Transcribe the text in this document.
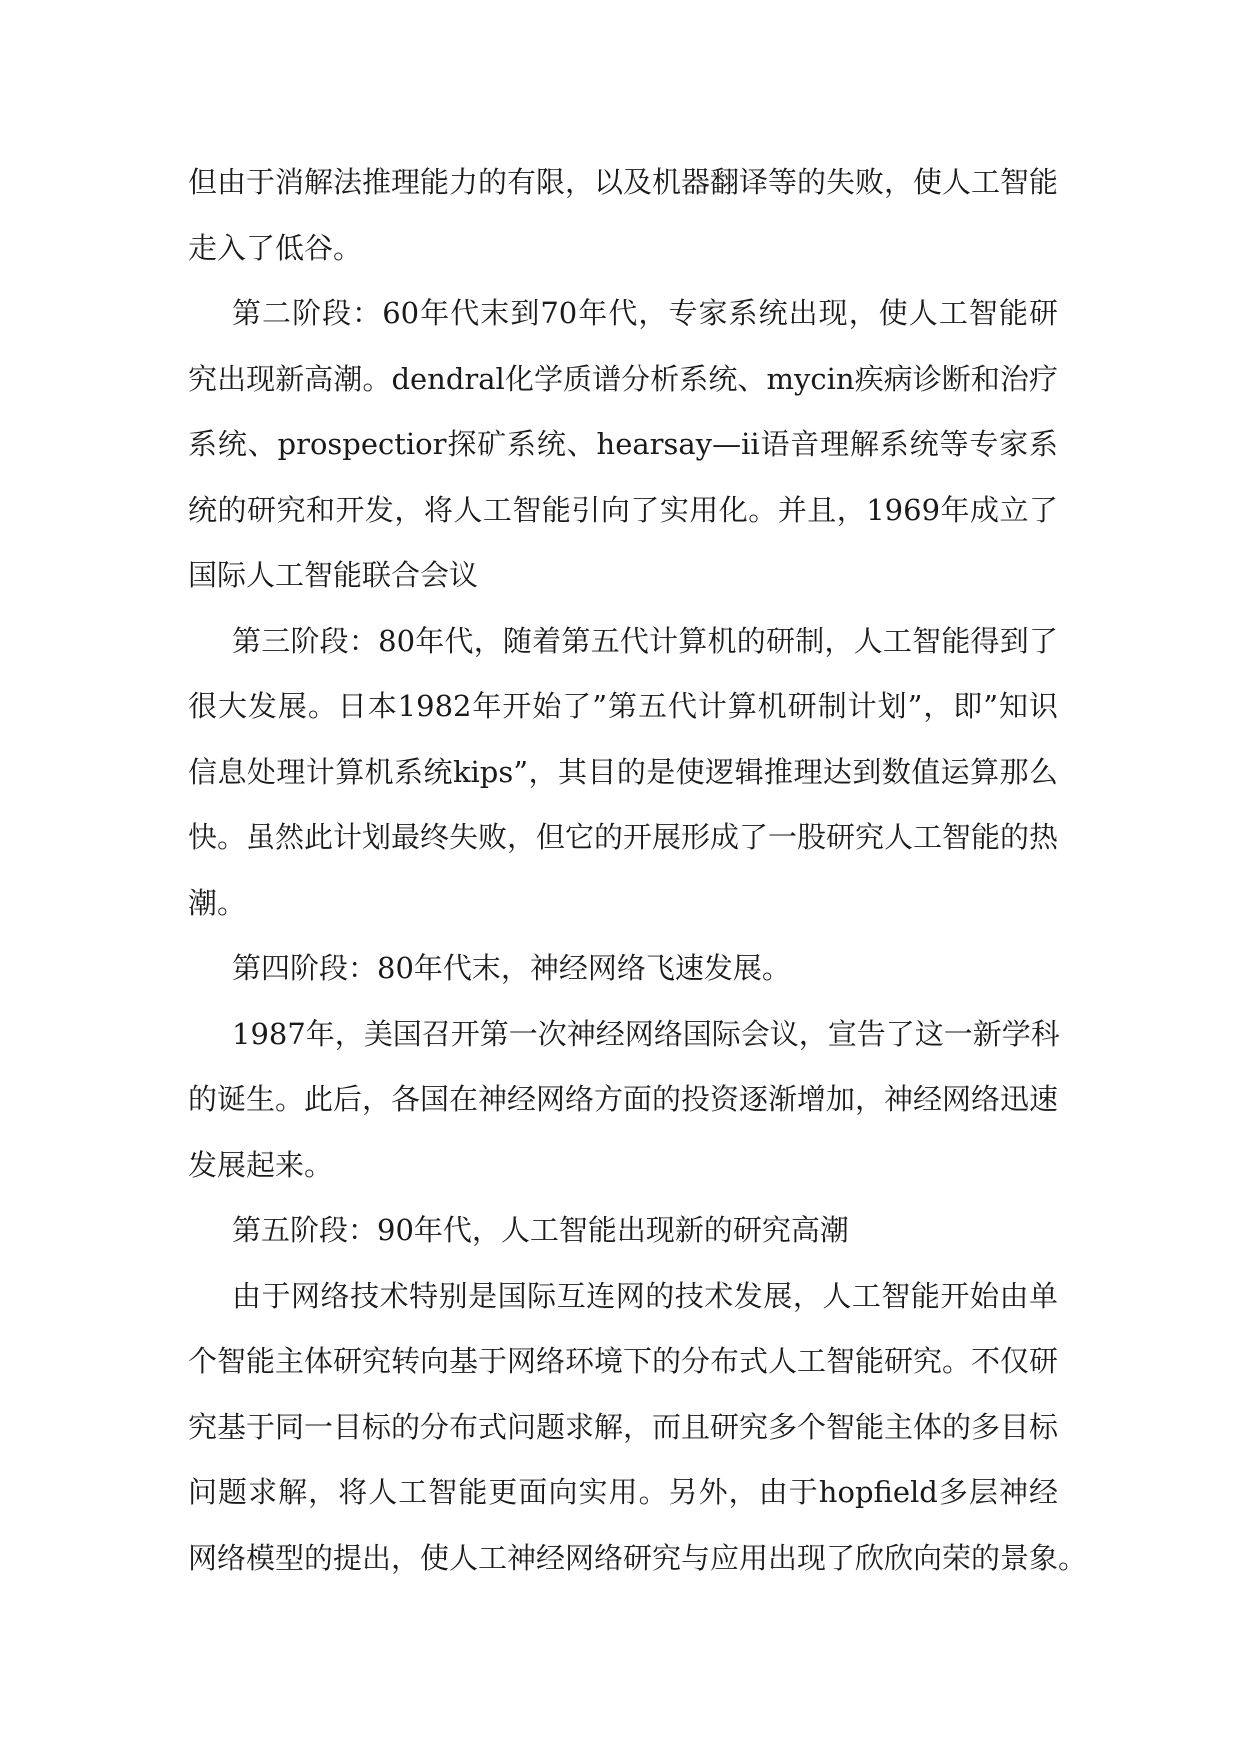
但由于消解法推理能力的有限，以及机器翻译等的失败，使人工智能
走入了低谷。
第二阶段：60年代末到70年代，专家系统出现，使人工智能研
究出现新高潮。dendral化学质谱分析系统、mycin疾病诊断和治疗
系统、prospectior探矿系统、hearsay—ii语音理解系统等专家系
统的研究和开发，将人工智能引向了实用化。并且，1969年成立了
国际人工智能联合会议
第三阶段：80年代，随着第五代计算机的研制，人工智能得到了
很大发展。日本1982年开始了”第五代计算机研制计划”，即”知识
信息处理计算机系统kips”，其目的是使逻辑推理达到数值运算那么
快。虽然此计划最终失败，但它的开展形成了一股研究人工智能的热
潮。
第四阶段：80年代末，神经网络飞速发展。
1987年，美国召开第一次神经网络国际会议，宣告了这一新学科
的诞生。此后，各国在神经网络方面的投资逐渐增加，神经网络迅速
发展起来。
第五阶段：90年代，人工智能出现新的研究高潮
由于网络技术特别是国际互连网的技术发展，人工智能开始由单
个智能主体研究转向基于网络环境下的分布式人工智能研究。不仅研
究基于同一目标的分布式问题求解，而且研究多个智能主体的多目标
问题求解，将人工智能更面向实用。另外，由于hopfield多层神经
网络模型的提出，使人工神经网络研究与应用出现了欣欣向荣的景象。
